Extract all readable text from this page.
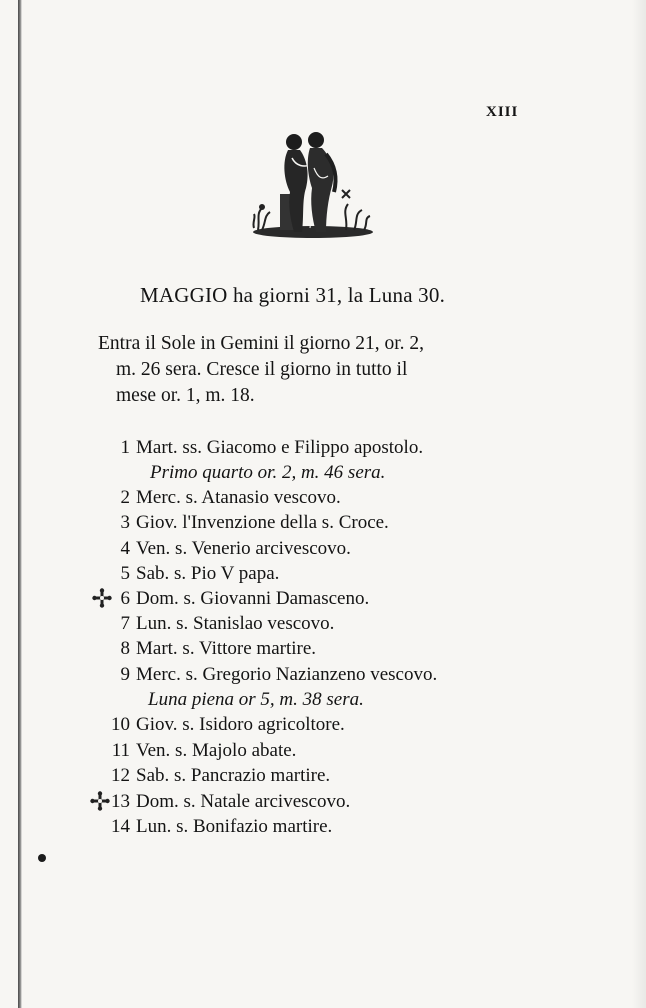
XIII
MAGGIO ha giorni 31, la Luna 30.
Entra il Sole in Gemini il giorno 21, or. 2,
m. 26 sera. Cresce il giorno in tutto il
mese or. 1, m. 18.
1 Mart. ss. Giacomo e Filippo apostolo.
Primo quarto or. 2, m. 46 sera.
2 Merc. s. Atanasio vescovo.
3 Giov. l'Invenzione della s. Croce.
4 Ven. s. Venerio arcivescovo.
5 Sab. s. Pio V papa.
6 Dom. s. Giovanni Damasceno.
7 Lun. s. Stanislao vescovo.
8 Mart. s. Vittore martire.
9 Merc. s. Gregorio Nazianzeno vescovo.
Luna piena or 5, m. 38 sera.
10 Giov. s. Isidoro agricoltore.
11 Ven. s. Majolo abate.
12 Sab. s. Pancrazio martire.
13 Dom. s. Natale arcivescovo.
14 Lun. s. Bonifazio martire.
